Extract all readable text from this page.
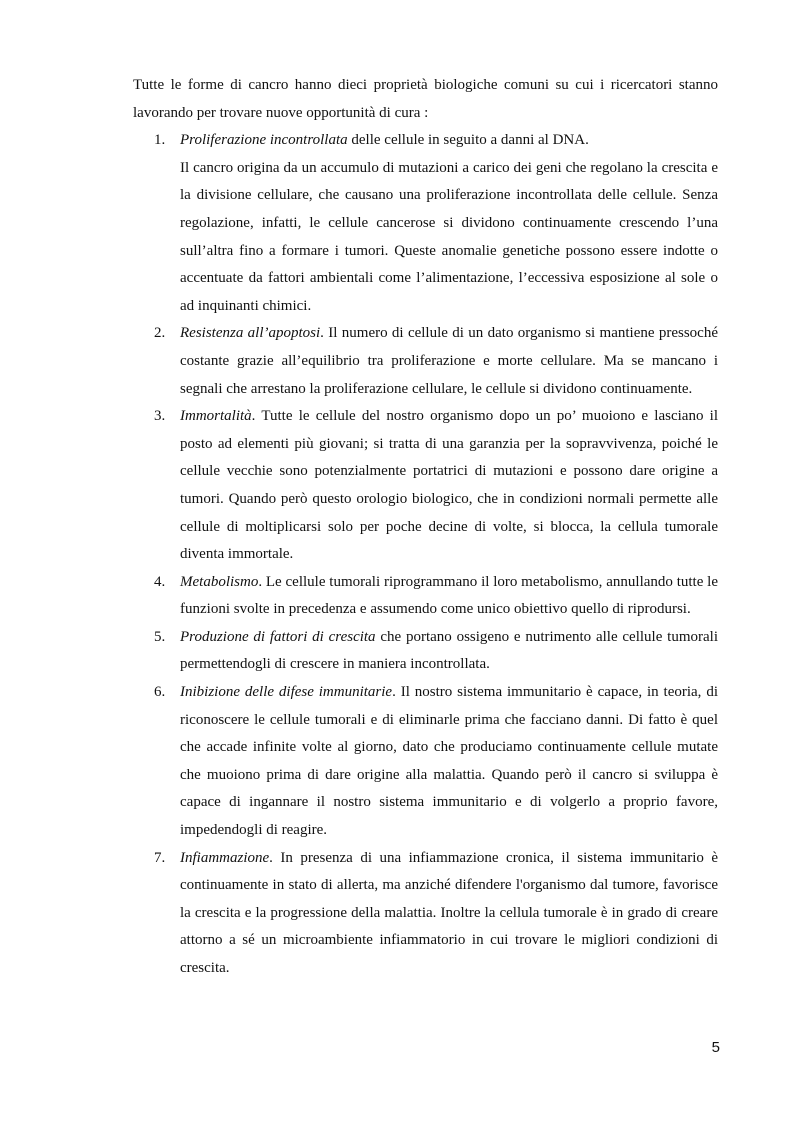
Tutte le forme di cancro hanno dieci proprietà biologiche comuni su cui i ricercatori stanno lavorando per trovare nuove opportunità di cura :

1. Proliferazione incontrollata delle cellule in seguito a danni al DNA.

Il cancro origina da un accumulo di mutazioni a carico dei geni che regolano la crescita e la divisione cellulare, che causano una proliferazione incontrollata delle cellule. Senza regolazione, infatti, le cellule cancerose si dividono continuamente crescendo l’una sull’altra fino a formare i tumori. Queste anomalie genetiche possono essere indotte o accentuate da fattori ambientali come l’alimentazione, l’eccessiva esposizione al sole o ad inquinanti chimici.

2. Resistenza all’apoptosi. Il numero di cellule di un dato organismo si mantiene pressoché costante grazie all’equilibrio tra proliferazione e morte cellulare. Ma se mancano i segnali che arrestano la proliferazione cellulare, le cellule si dividono continuamente.

3. Immortalità. Tutte le cellule del nostro organismo dopo un po’ muoiono e lasciano il posto ad elementi più giovani; si tratta di una garanzia per la sopravvivenza, poiché le cellule vecchie sono potenzialmente portatrici di mutazioni e possono dare origine a tumori. Quando però questo orologio biologico, che in condizioni normali permette alle cellule di moltiplicarsi solo per poche decine di volte, si blocca, la cellula tumorale diventa immortale.

4. Metabolismo. Le cellule tumorali riprogrammano il loro metabolismo, annullando tutte le funzioni svolte in precedenza e assumendo come unico obiettivo quello di riprodursi.

5. Produzione di fattori di crescita che portano ossigeno e nutrimento alle cellule tumorali permettendogli di crescere in maniera incontrollata.

6. Inibizione delle difese immunitarie. Il nostro sistema immunitario è capace, in teoria, di riconoscere le cellule tumorali e di eliminarle prima che facciano danni. Di fatto è quel che accade infinite volte al giorno, dato che produciamo continuamente cellule mutate che muoiono prima di dare origine alla malattia. Quando però il cancro si sviluppa è capace di ingannare il nostro sistema immunitario e di volgerlo a proprio favore, impedendogli di reagire.

7. Infiammazione. In presenza di una infiammazione cronica, il sistema immunitario è continuamente in stato di allerta, ma anziché difendere l'organismo dal tumore, favorisce la crescita e la progressione della malattia. Inoltre la cellula tumorale è in grado di creare attorno a sé un microambiente infiammatorio in cui trovare le migliori condizioni di crescita.

5
